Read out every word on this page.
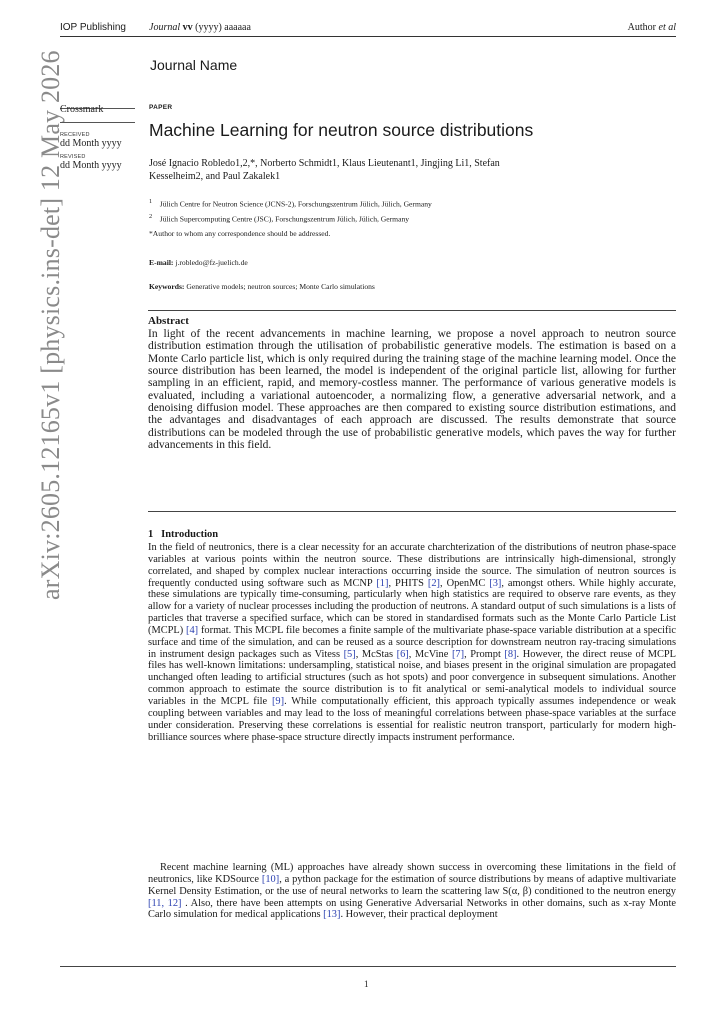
IOP Publishing Journal vv (yyyy) aaaaaa	Author et al
arXiv:2605.12165v1 [physics.ins-det] 12 May 2026	Journal Name
Crossmark
RECEIVED
dd Month yyyy
REVISED
dd Month yyyy
PAPER
Machine Learning for neutron source distributions
José Ignacio Robledo1,2,*, Norberto Schmidt1, Klaus Lieutenant1, Jingjing Li1, Stefan
Kesselheim2, and Paul Zakalek1
$^1$ Jülich Centre for Neutron Science (JCNS-2), Forschungszentrum Jülich, Jülich, Germany
$^2$ Jülich Supercomputing Centre (JSC), Forschungszentrum Jülich, Jülich, Germany
*Author to whom any correspondence should be addressed.
E-mail: j.robledo@fz-juelich.de
Keywords: Generative models; neutron sources; Monte Carlo simulations
Abstract
In light of the recent advancements in machine learning, we propose a novel approach to neutron source distribution estimation through the utilisation of probabilistic generative models. The estimation is based on a Monte Carlo particle list, which is only required during the training stage of the machine learning model. Once the source distribution has been learned, the model is independent of the original particle list, allowing for further sampling in an efficient, rapid, and memory-costless manner. The performance of various generative models is evaluated, including a variational autoencoder, a normalizing flow, a generative adversarial network, and a denoising diffusion model. These approaches are then compared to existing source distribution estimations, and the advantages and disadvantages of each approach are discussed. The results demonstrate that source distributions can be modeled through the use of probabilistic generative models, which paves the way for further advancements in this field.
1 Introduction
In the field of neutronics, there is a clear necessity for an accurate charchterization of the distributions of neutron phase-space variables at various points within the neutron source. These distributions are intrinsically high-dimensional, strongly correlated, and shaped by complex nuclear interactions occurring inside the source. The simulation of neutron sources is frequently conducted using software such as MCNP [1], PHITS [2], OpenMC [3], amongst others. While highly accurate, these simulations are typically time-consuming, particularly when high statistics are required to observe rare events, as they allow for a variety of nuclear processes including the production of neutrons. A standard output of such simulations is a lists of particles that traverse a specified surface, which can be stored in standardised formats such as the Monte Carlo Particle List (MCPL) [4] format. This MCPL file becomes a finite sample of the multivariate phase-space variable distribution at a specific surface and time of the simulation, and can be reused as a source description for downstream neutron ray-tracing simulations in instrument design packages such as Vitess [5], McStas [6], McVine [7], Prompt [8]. However, the direct reuse of MCPL files has well-known limitations: undersampling, statistical noise, and biases present in the original simulation are propagated unchanged often leading to artificial structures (such as hot spots) and poor convergence in subsequent simulations. Another common approach to estimate the source distribution is to fit analytical or semi-analytical models to individual source variables in the MCPL file [9]. While computationally efficient, this approach typically assumes independence or weak coupling between variables and may lead to the loss of meaningful correlations between phase-space variables at the surface under consideration. Preserving these correlations is essential for realistic neutron transport, particularly for modern high-brilliance sources where phase-space structure directly impacts instrument performance.
Recent machine learning (ML) approaches have already shown success in overcoming these limitations in the field of neutronics, like KDSource [10], a python package for the estimation of source distributions by means of adaptive multivariate Kernel Density Estimation, or the use of neural networks to learn the scattering law S(α, β) conditioned to the neutron energy [11, 12] . Also, there have been attempts on using Generative Adversarial Networks in other domains, such as x-ray Monte Carlo simulation for medical applications [13]. However, their practical deployment
1
